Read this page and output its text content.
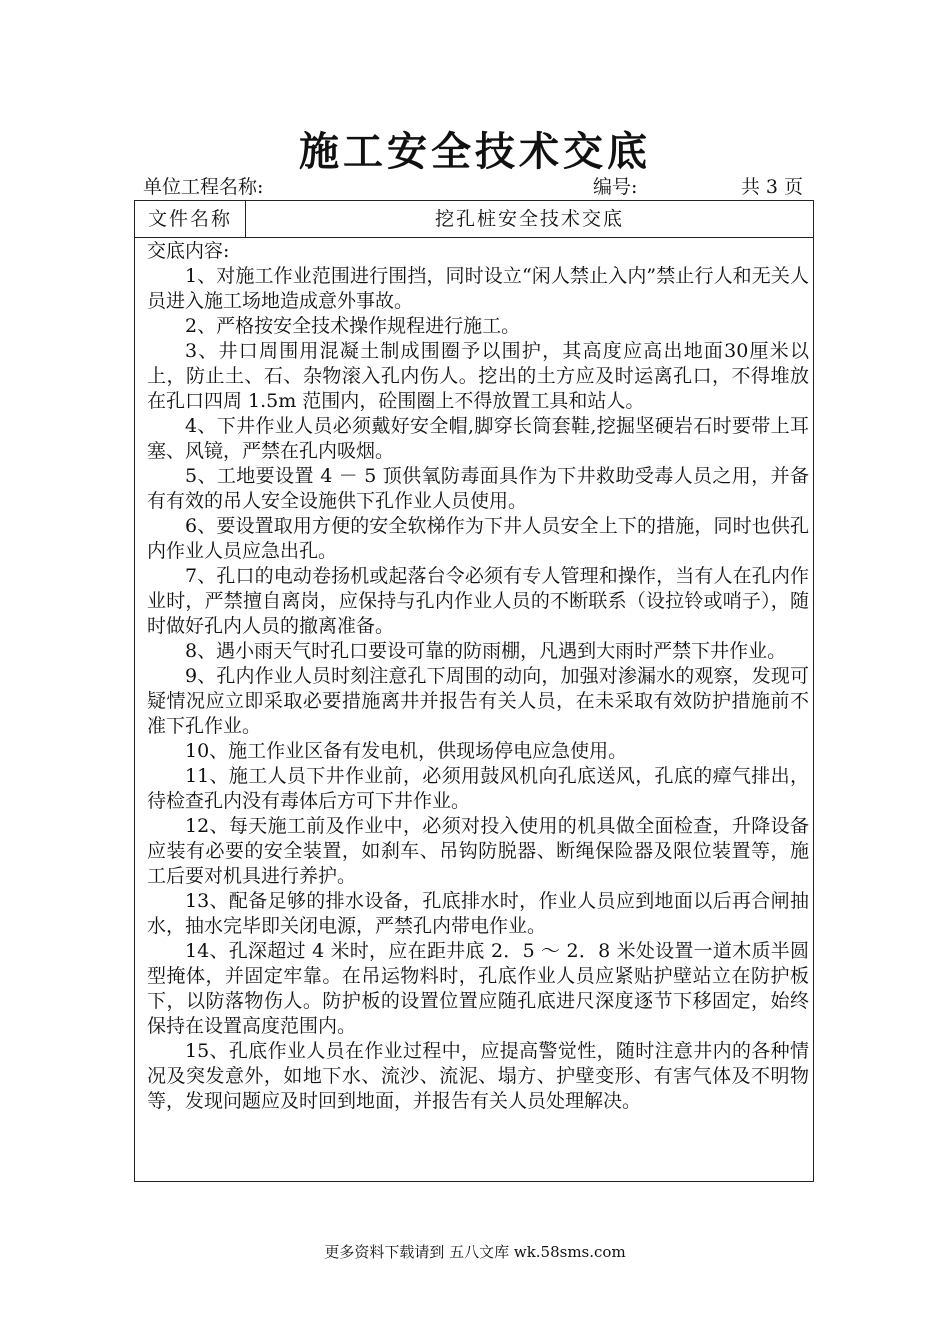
施工安全技术交底
单位工程名称:	编号:	共 3 页
文件名称	挖孔桩安全技术交底

交底内容:

1、对施工作业范围进行围挡，同时设立“闲人禁止入内”禁止行人和无关人员进入施工场地造成意外事故。

2、严格按安全技术操作规程进行施工。

3、井口周围用混凝土制成围圈予以围护，其高度应高出地面30厘米以上，防止土、石、杂物滚入孔内伤人。挖出的土方应及时运离孔口，不得堆放在孔口四周 1.5m 范围内，砼围圈上不得放置工具和站人。

4、下井作业人员必须戴好安全帽,脚穿长筒套鞋,挖掘坚硬岩石时要带上耳塞、风镜，严禁在孔内吸烟。

5、工地要设置 4 － 5 顶供氧防毒面具作为下井救助受毒人员之用，并备有有效的吊人安全设施供下孔作业人员使用。

6、要设置取用方便的安全软梯作为下井人员安全上下的措施，同时也供孔内作业人员应急出孔。

7、孔口的电动卷扬机或起落台令必须有专人管理和操作，当有人在孔内作业时，严禁擅自离岗，应保持与孔内作业人员的不断联系（设拉铃或哨子），随时做好孔内人员的撤离准备。

8、遇小雨天气时孔口要设可靠的防雨棚，凡遇到大雨时严禁下井作业。

9、孔内作业人员时刻注意孔下周围的动向，加强对渗漏水的观察，发现可疑情况应立即采取必要措施离井并报告有关人员，在未采取有效防护措施前不准下孔作业。

10、施工作业区备有发电机，供现场停电应急使用。

11、施工人员下井作业前，必须用鼓风机向孔底送风，孔底的瘴气排出，待检查孔内没有毒体后方可下井作业。

12、每天施工前及作业中，必须对投入使用的机具做全面检查，升降设备应装有必要的安全装置，如刹车、吊钩防脱器、断绳保险器及限位装置等，施工后要对机具进行养护。

13、配备足够的排水设备，孔底排水时，作业人员应到地面以后再合闸抽水，抽水完毕即关闭电源，严禁孔内带电作业。

14、孔深超过 4 米时，应在距井底 2．5 ～ 2．8 米处设置一道木质半圆型掩体，并固定牢靠。在吊运物料时，孔底作业人员应紧贴护壁站立在防护板下，以防落物伤人。防护板的设置位置应随孔底进尺深度逐节下移固定，始终保持在设置高度范围内。

15、孔底作业人员在作业过程中，应提高警觉性，随时注意井内的各种情况及突发意外，如地下水、流沙、流泥、塌方、护壁变形、有害气体及不明物等，发现问题应及时回到地面，并报告有关人员处理解决。

更多资料下载请到 五八文库 wk.58sms.com
